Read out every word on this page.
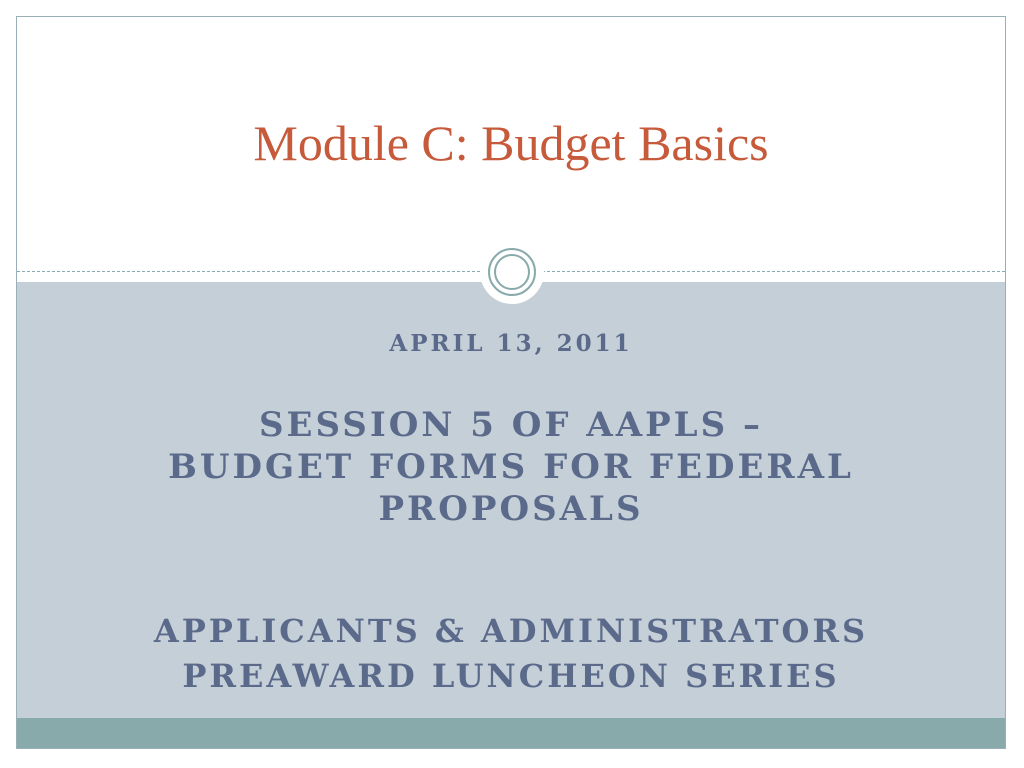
Module C: Budget Basics
APRIL 13, 2011
SESSION 5 OF AAPLS –
BUDGET FORMS FOR FEDERAL
PROPOSALS
APPLICANTS & ADMINISTRATORS
PREAWARD LUNCHEON SERIES
